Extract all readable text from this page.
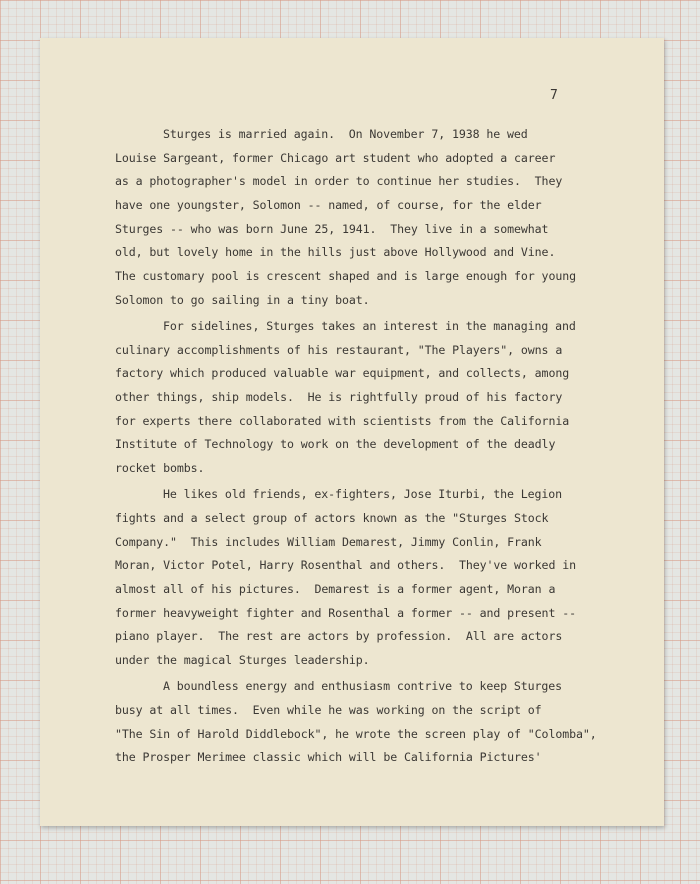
7
Sturges is married again.  On November 7, 1938 he wed
Louise Sargeant, former Chicago art student who adopted a career
as a photographer's model in order to continue her studies.  They
have one youngster, Solomon -- named, of course, for the elder
Sturges -- who was born June 25, 1941.  They live in a somewhat
old, but lovely home in the hills just above Hollywood and Vine.
The customary pool is crescent shaped and is large enough for young
Solomon to go sailing in a tiny boat.
For sidelines, Sturges takes an interest in the managing and
culinary accomplishments of his restaurant, "The Players", owns a
factory which produced valuable war equipment, and collects, among
other things, ship models.  He is rightfully proud of his factory
for experts there collaborated with scientists from the California
Institute of Technology to work on the development of the deadly
rocket bombs.
He likes old friends, ex-fighters, Jose Iturbi, the Legion
fights and a select group of actors known as the "Sturges Stock
Company."  This includes William Demarest, Jimmy Conlin, Frank
Moran, Victor Potel, Harry Rosenthal and others.  They've worked in
almost all of his pictures.  Demarest is a former agent, Moran a
former heavyweight fighter and Rosenthal a former -- and present --
piano player.  The rest are actors by profession.  All are actors
under the magical Sturges leadership.
A boundless energy and enthusiasm contrive to keep Sturges
busy at all times.  Even while he was working on the script of
"The Sin of Harold Diddlebock", he wrote the screen play of "Colomba",
the Prosper Merimee classic which will be California Pictures'
